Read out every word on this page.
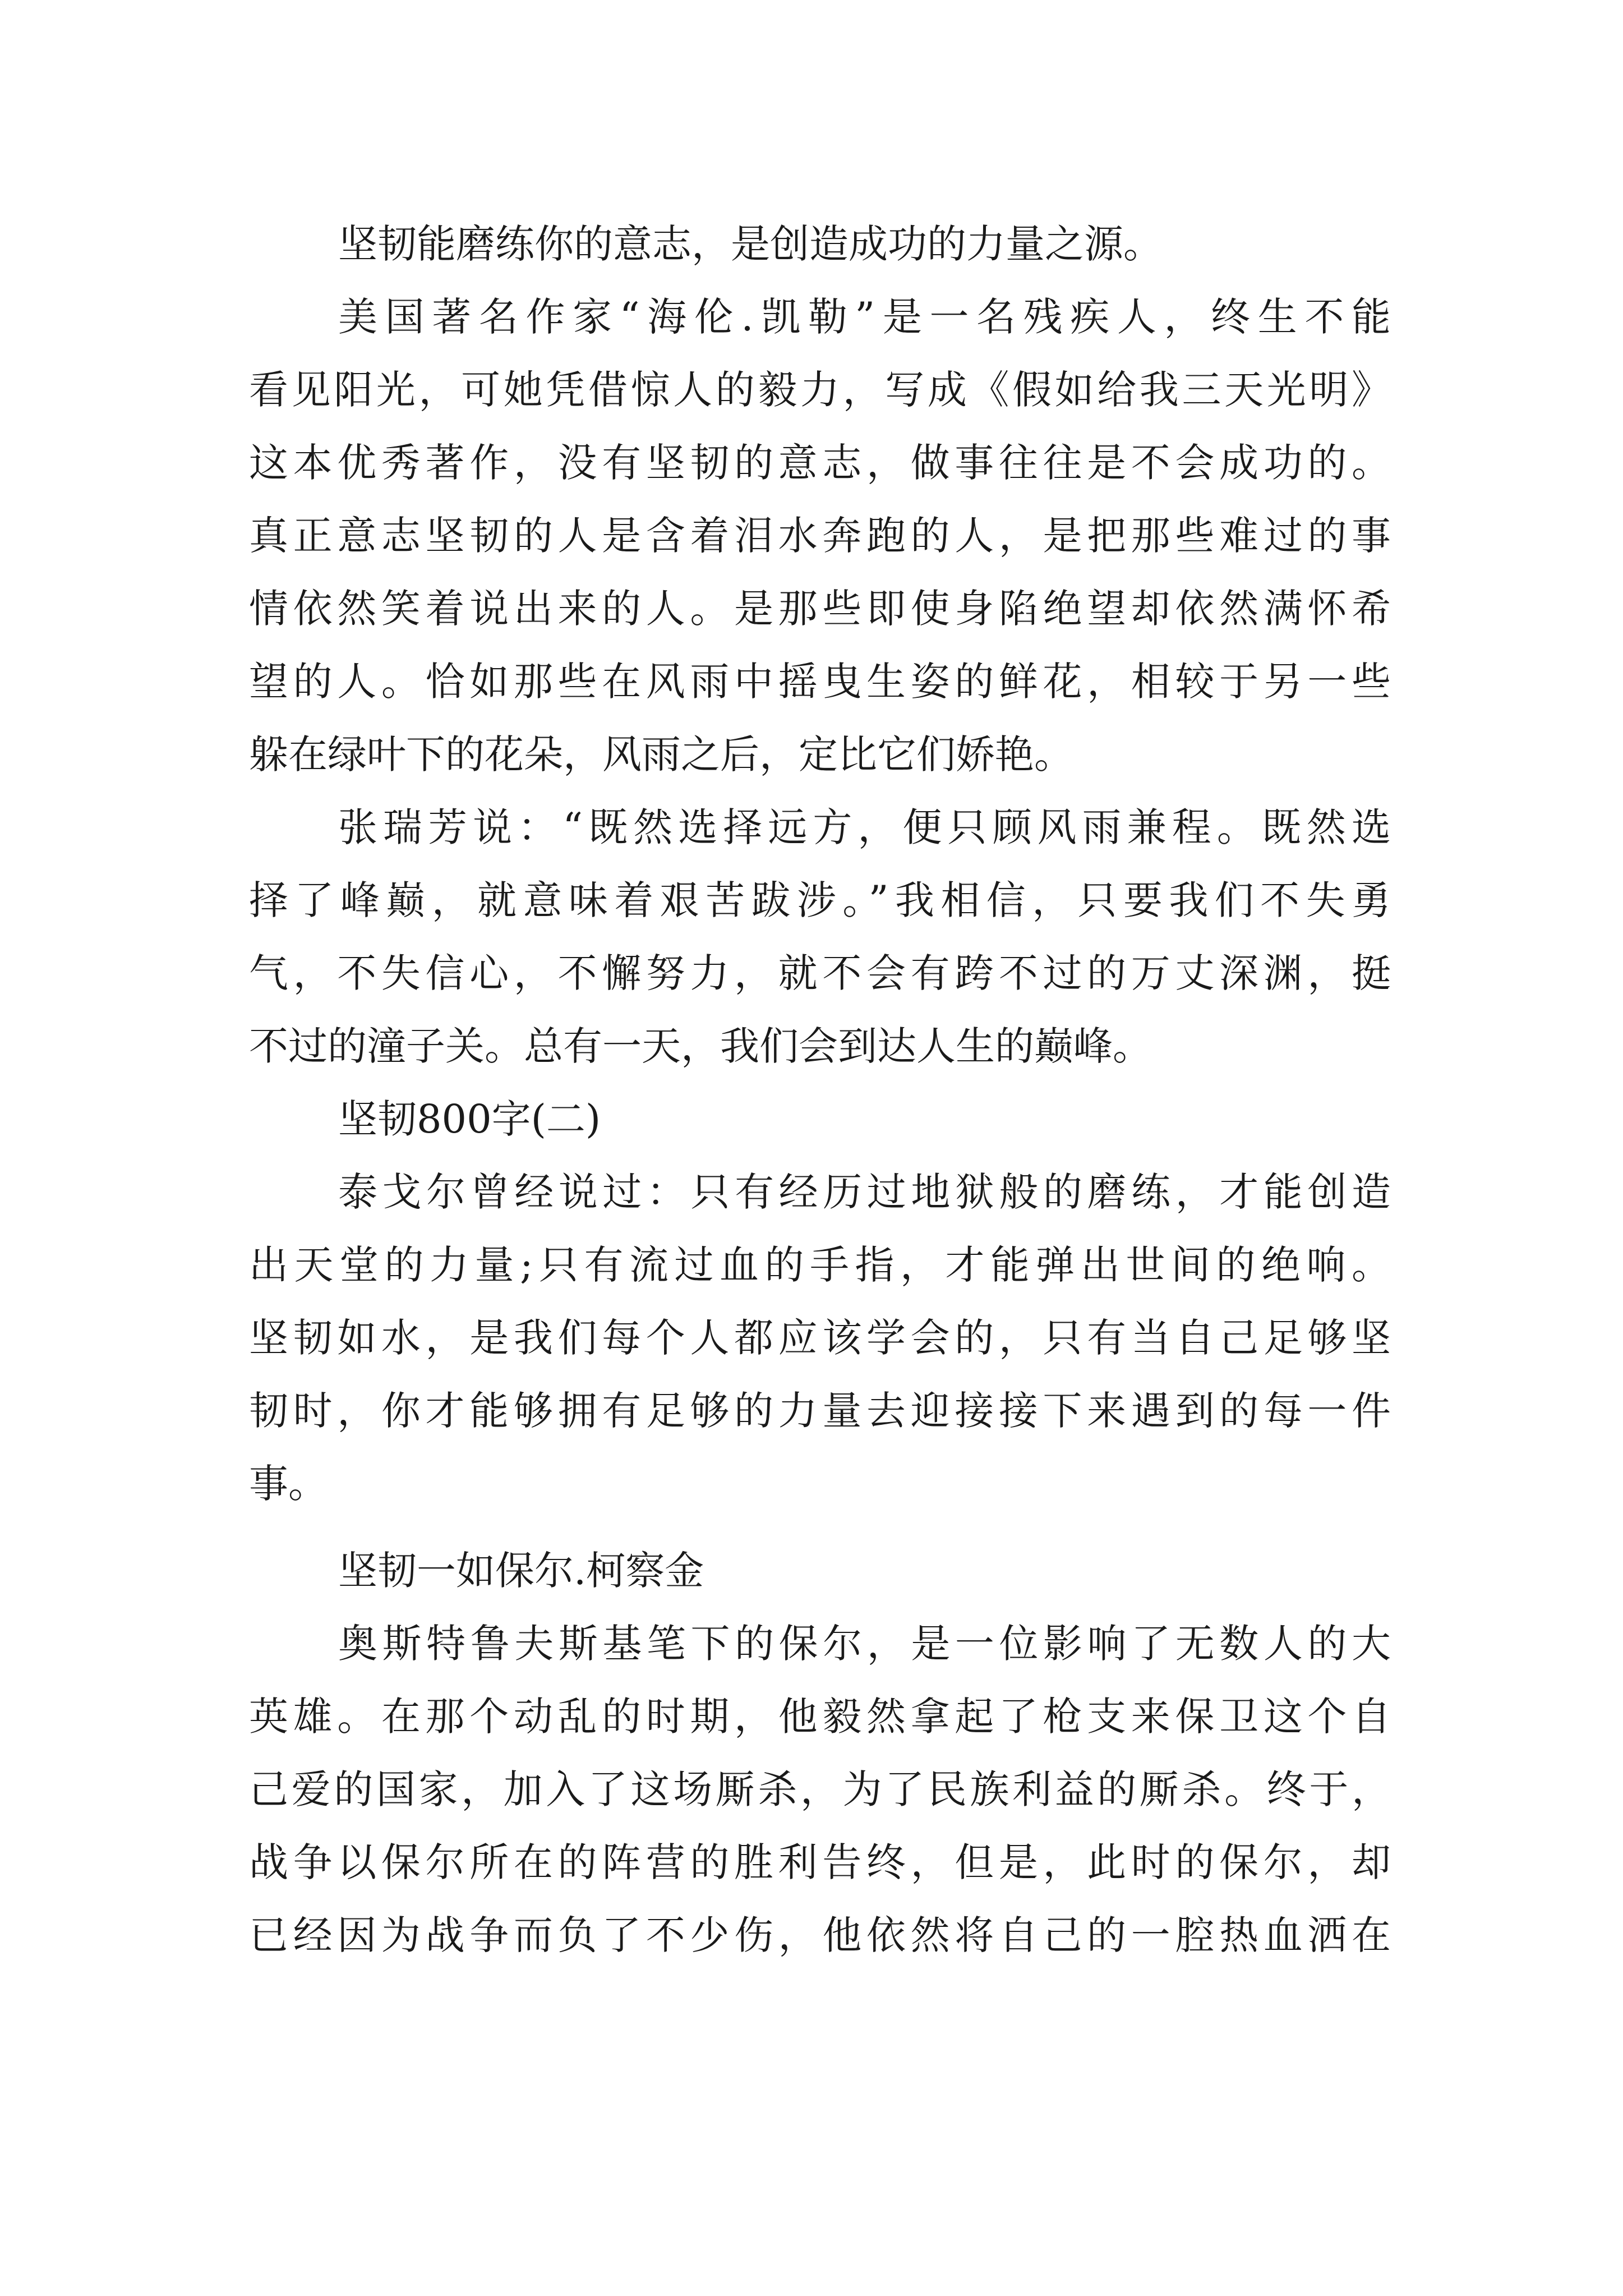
坚韧能磨练你的意志，是创造成功的力量之源。
美国著名作家“海伦.凯勒”是一名残疾人，终生不能
看见阳光，可她凭借惊人的毅力，写成《假如给我三天光明》
这本优秀著作，没有坚韧的意志，做事往往是不会成功的。
真正意志坚韧的人是含着泪水奔跑的人，是把那些难过的事
情依然笑着说出来的人。是那些即使身陷绝望却依然满怀希
望的人。恰如那些在风雨中摇曳生姿的鲜花，相较于另一些
躲在绿叶下的花朵，风雨之后，定比它们娇艳。
张瑞芳说：“既然选择远方，便只顾风雨兼程。既然选
择了峰巅，就意味着艰苦跋涉。”我相信，只要我们不失勇
气，不失信心，不懈努力，就不会有跨不过的万丈深渊，挺
不过的潼子关。总有一天，我们会到达人生的巅峰。
坚韧800字(二)
泰戈尔曾经说过：只有经历过地狱般的磨练，才能创造
出天堂的力量;只有流过血的手指，才能弹出世间的绝响。
坚韧如水，是我们每个人都应该学会的，只有当自己足够坚
韧时，你才能够拥有足够的力量去迎接接下来遇到的每一件
事。
坚韧一如保尔.柯察金
奥斯特鲁夫斯基笔下的保尔，是一位影响了无数人的大
英雄。在那个动乱的时期，他毅然拿起了枪支来保卫这个自
己爱的国家，加入了这场厮杀，为了民族利益的厮杀。终于，
战争以保尔所在的阵营的胜利告终，但是，此时的保尔，却
已经因为战争而负了不少伤，他依然将自己的一腔热血洒在
